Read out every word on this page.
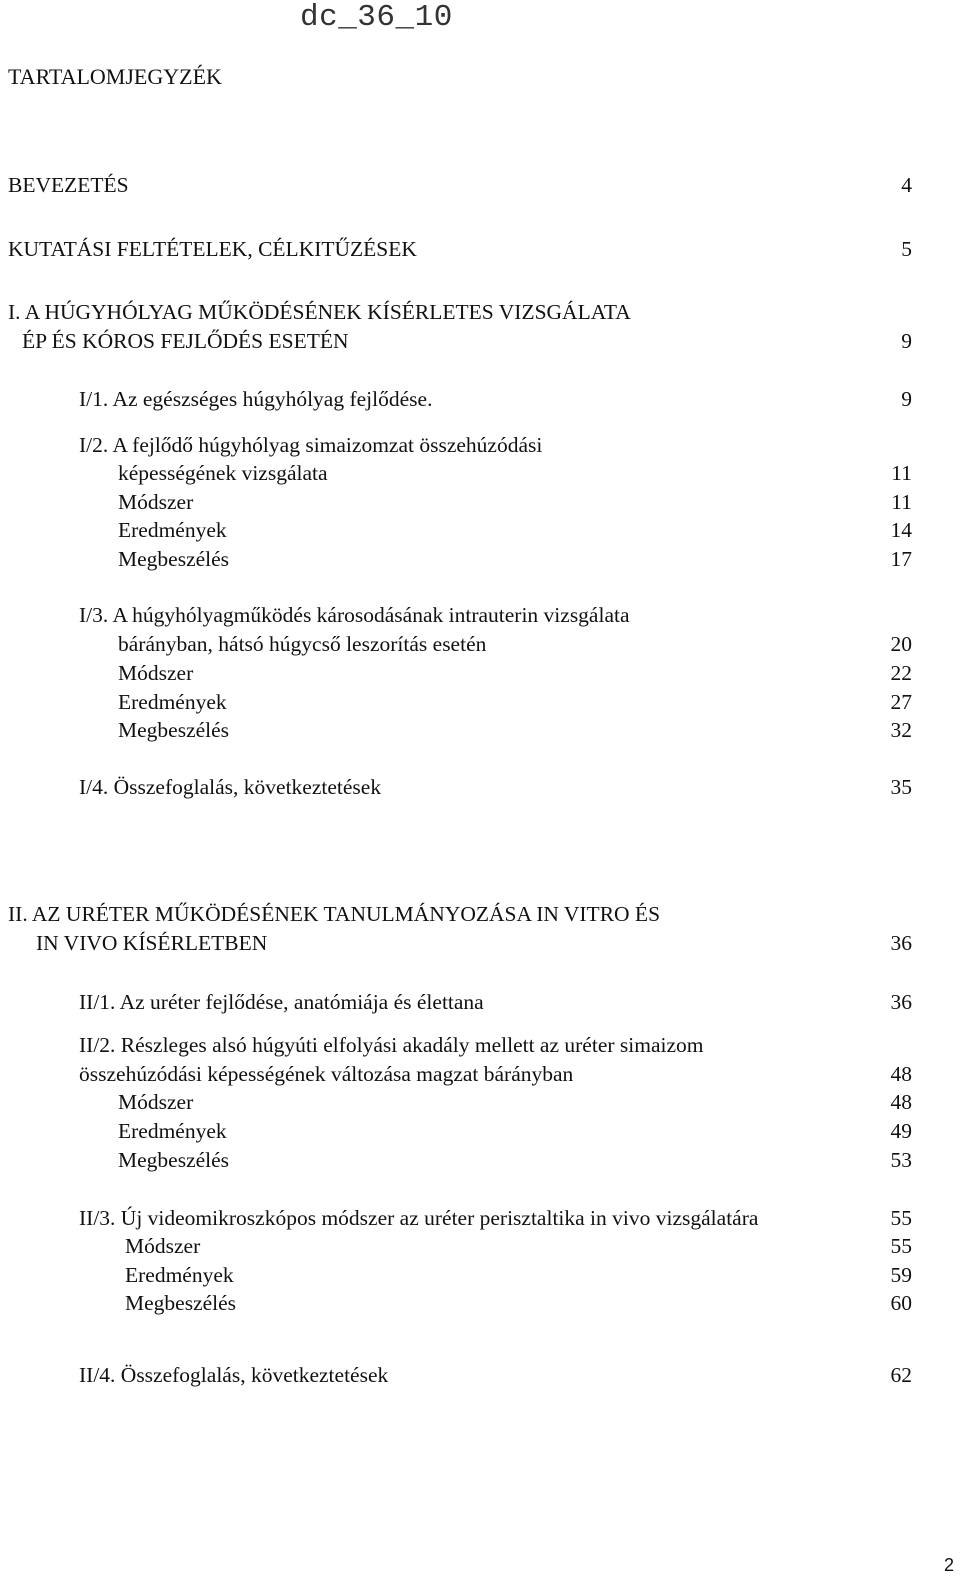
dc_36_10
TARTALOMJEGYZÉK
BEVEZETÉS	4
KUTATÁSI FELTÉTELEK, CÉLKITŰZÉSEK	5
I. A HÚGYHÓLYAG MŰKÖDÉSÉNEK KÍSÉRLETES VIZSGÁLATA
ÉP ÉS KÓROS FEJLŐDÉS ESETÉN	9
I/1. Az egészséges húgyhólyag fejlődése.	9
I/2. A fejlődő húgyhólyag simaizomzat összehúzódási
képességének vizsgálata	11
Módszer	11
Eredmények	14
Megbeszélés	17
I/3. A húgyhólyagműködés károsodásának intrauterin vizsgálata
bárányban, hátsó húgycső leszorítás esetén	20
Módszer	22
Eredmények	27
Megbeszélés	32
I/4. Összefoglalás, következtetések	35
II. AZ URÉTER MŰKÖDÉSÉNEK TANULMÁNYOZÁSA IN VITRO ÉS
IN VIVO KÍSÉRLETBEN	36
II/1. Az uréter fejlődése, anatómiája és élettana	36
II/2. Részleges alsó húgyúti elfolyási akadály mellett az uréter simaizom
összehúzódási képességének változása magzat bárányban	48
Módszer	48
Eredmények	49
Megbeszélés	53
II/3. Új videomikroszkópos módszer az uréter perisztaltika in vivo vizsgálatára	55
Módszer	55
Eredmények	59
Megbeszélés	60
II/4. Összefoglalás, következtetések	62
2
